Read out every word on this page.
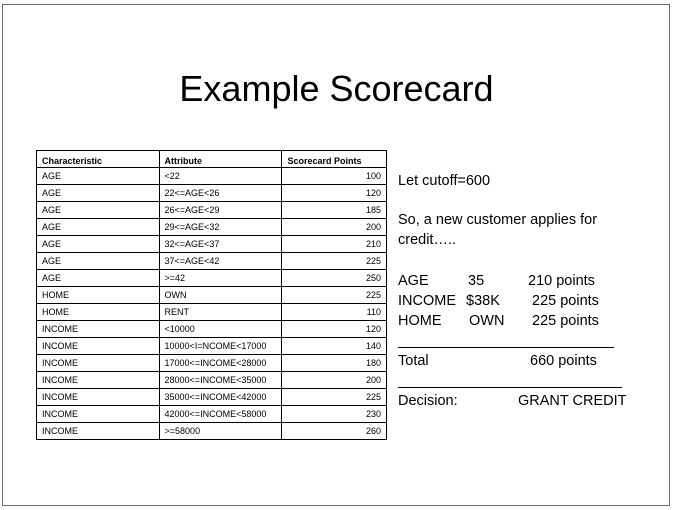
Example Scorecard
Characteristic	Attribute	Scorecard Points
AGE	<22	100
AGE	22<=AGE<26	120
AGE	26<=AGE<29	185
AGE	29<=AGE<32	200
AGE	32<=AGE<37	210
AGE	37<=AGE<42	225
AGE	>=42	250
HOME	OWN	225
HOME	RENT	110
INCOME	<10000	120
INCOME	10000<I=NCOME<17000	140
INCOME	17000<=INCOME<28000	180
INCOME	28000<=INCOME<35000	200
INCOME	35000<=INCOME<42000	225
INCOME	42000<=INCOME<58000	230
INCOME	>=58000	260
Let cutoff=600
So, a new customer applies for
credit…..
AGE	35	210 points
INCOME $38K 225 points
HOME OWN 225 points
Total	660 points
Decision:	GRANT CREDIT
